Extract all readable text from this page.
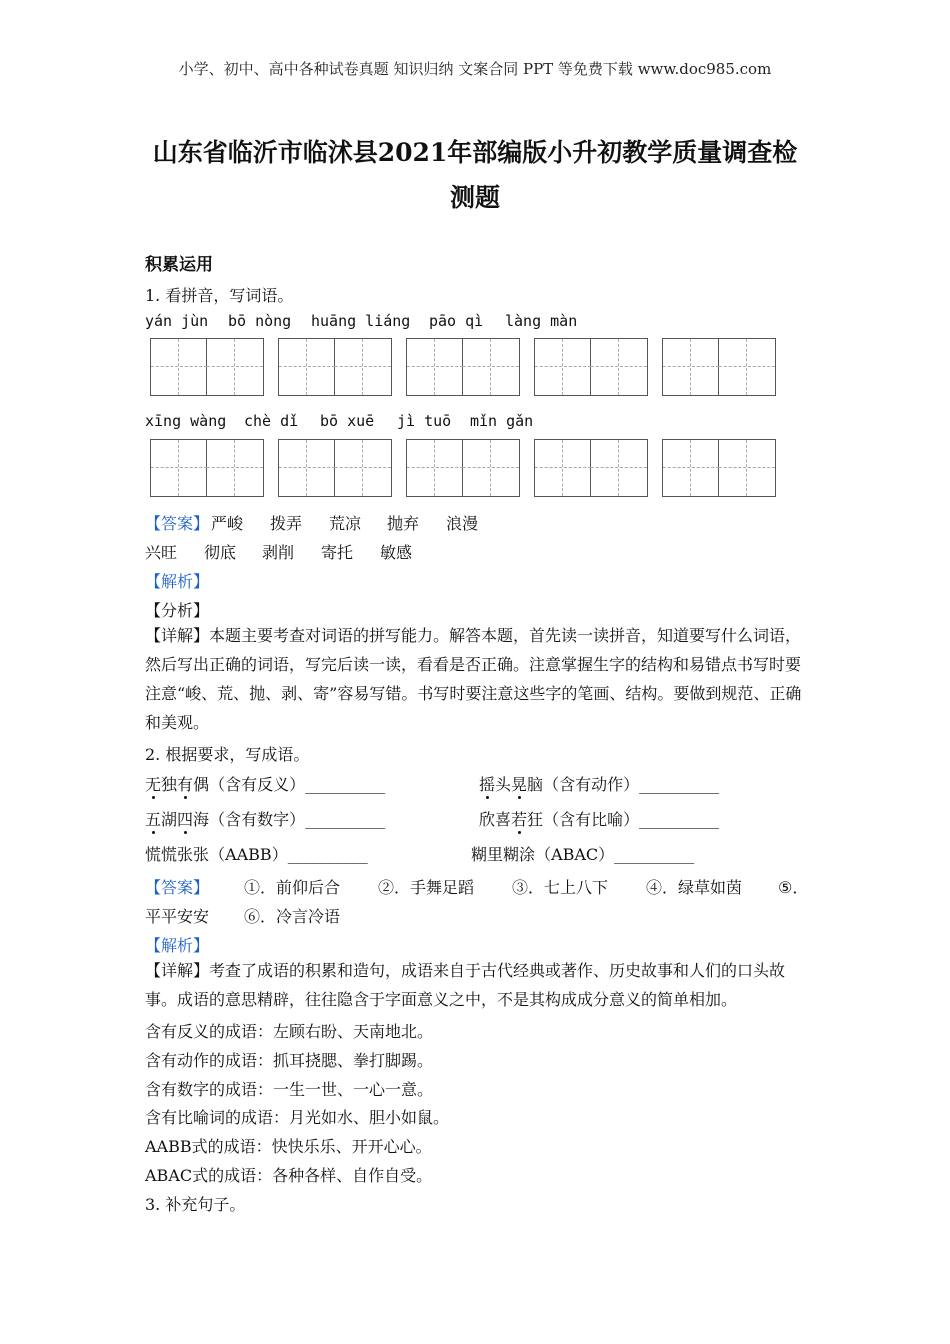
小学、初中、高中各种试卷真题 知识归纳 文案合同 PPT 等免费下载 www.doc985.com
山东省临沂市临沭县2021年部编版小升初教学质量调查检
测题
积累运用
1. 看拼音，写词语。
yán jùn bō nòng huāng liáng pāo qì làng màn
xīng wàng chè dǐ bō xuē jì tuō mǐn gǎn
【答案】 严峻 拨弄 荒凉 抛弃 浪漫
兴旺 彻底 剥削 寄托 敏感
【解析】
【分析】
【详解】本题主要考查对词语的拼写能力。解答本题，首先读一读拼音，知道要写什么词语，然后写出正确的词语，写完后读一读，看看是否正确。注意掌握生字的结构和易错点书写时要注意“峻、荒、抛、剥、寄”容易写错。书写时要注意这些字的笔画、结构。要做到规范、正确和美观。
2. 根据要求，写成语。
无独有偶（含有反义）__________	摇头晃脑（含有动作）__________
五湖四海（含有数字）__________	欣喜若狂（含有比喻）__________
慌慌张张（AABB）__________	糊里糊涂（ABAC）__________
【答案】 ①．前仰后合 ②．手舞足蹈 ③．七上八下 ④．绿草如茵 ⑤．
平平安安 ⑥．冷言冷语
【解析】
【详解】考查了成语的积累和造句，成语来自于古代经典或著作、历史故事和人们的口头故事。成语的意思精辟，往往隐含于字面意义之中，不是其构成成分意义的简单相加。
含有反义的成语：左顾右盼、天南地北。
含有动作的成语：抓耳挠腮、拳打脚踢。
含有数字的成语：一生一世、一心一意。
含有比喻词的成语：月光如水、胆小如鼠。
AABB式的成语：快快乐乐、开开心心。
ABAC式的成语：各种各样、自作自受。
3. 补充句子。
